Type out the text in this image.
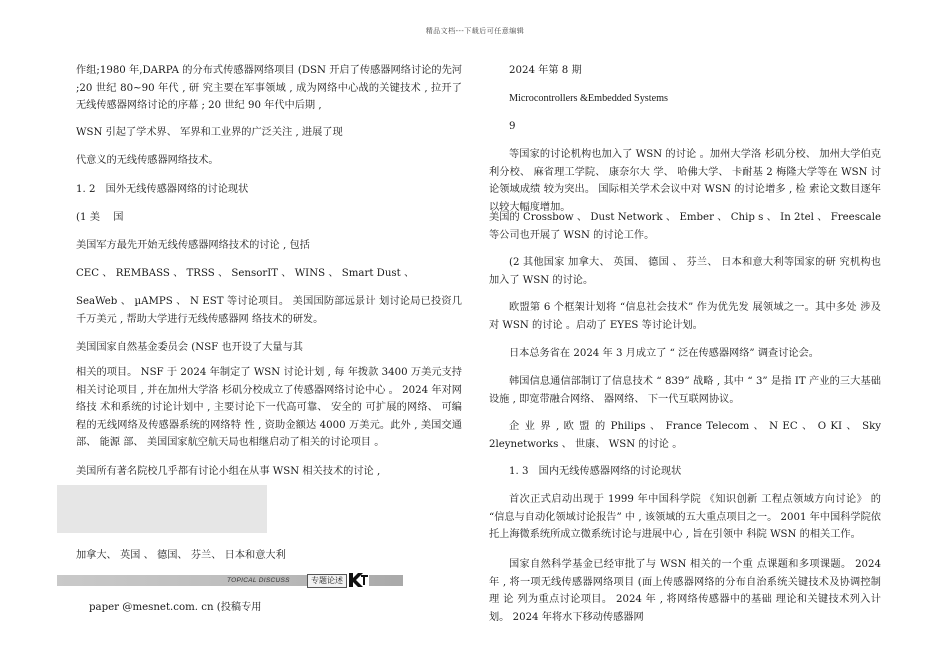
精品文档---下载后可任意编辑

作组;1980 年,DARPA 的分布式传感器网络项目 (DSN 开启了传感器网络讨论的先河 ;20 世纪 80~90 年代 , 研 究主要在军事领域 , 成为网络中心战的关键技术 , 拉开了 无线传感器网络讨论的序幕 ; 20 世纪 90 年代中后期 ,

WSN 引起了学术界、 军界和工业界的广泛关注 , 进展了现

代意义的无线传感器网络技术。

1. 2　国外无线传感器网络的讨论现状

(1 美　 国

美国军方最先开始无线传感器网络技术的讨论 , 包括

CEC 、 REMBASS 、 TRSS 、 SensorIT 、 WINS 、 Smart Dust 、

SeaWeb 、 µAMPS 、 N EST 等讨论项目。 美国国防部远景计 划讨论局已投资几千万美元 , 帮助大学进行无线传感器网 络技术的研发。

美国国家自然基金委员会 (NSF 也开设了大量与其

相关的项目。 NSF 于 2024 年制定了 WSN 讨论计划 , 每 年拨款 3400 万美元支持相关讨论项目 , 并在加州大学洛 杉矶分校成立了传感器网络讨论中心 。 2024 年对网络技 术和系统的讨论计划中 , 主要讨论下一代高可靠、 安全的 可扩展的网络、 可编程的无线网络及传感器系统的网络特 性 , 资助金额达 4000 万美元。此外 , 美国交通部、 能源 部、 美国国家航空航天局也相继启动了相关的讨论项目 。

美国所有著名院校几乎都有讨论小组在从事 WSN 相关技术的讨论 ,

加拿大、 英国 、 德国、 芬兰、 日本和意大利

TOPICAL DISCUSS	专题论述
paper @mesnet.com. cn (投稿专用

2024 年第 8 期

Microcontrollers &Embedded Systems

9

等国家的讨论机构也加入了 WSN 的讨论 。加州大学洛 杉矶分校、 加州大学伯克利分校、 麻省理工学院、 康奈尔大 学、 哈佛大学、 卡耐基 2 梅隆大学等在 WSN 讨论领域成绩 较为突出。 国际相关学术会议中对 WSN 的讨论增多 , 检 索论文数目逐年以较大幅度增加。

美国的 Crossbow 、 Dust Network 、 Ember 、 Chip s 、 In 2tel 、 Freescale 等公司也开展了 WSN 的讨论工作。

(2 其他国家 加拿大、 英国、 德国 、 芬兰、 日本和意大利等国家的研 究机构也加入了 WSN 的讨论。

欧盟第 6 个框架计划将 “信息社会技术” 作为优先发 展领域之一。其中多处 涉及对 WSN 的讨论 。启动了 EYES 等讨论计划。

日本总务省在 2024 年 3 月成立了 “ 泛在传感器网络” 调查讨论会。

韩国信息通信部制订了信息技术 “ 839” 战略 , 其中 “ 3” 是指 IT 产业的三大基础设施 , 即宽带融合网络、 器网络、 下一代互联网协议。

企 业 界 , 欧 盟 的 Philips 、 France Telecom 、 N EC 、 O KI 、 Sky 2leynetworks 、 世康、 WSN 的讨论 。

1. 3　国内无线传感器网络的讨论现状

首次正式启动出现于 1999 年中国科学院 《知识创新 工程点领域方向讨论》 的 “信息与自动化领域讨论报告” 中 , 该领域的五大重点项目之一。 2001 年中国科学院依 托上海微系统所成立微系统讨论与进展中心 , 旨在引领中 科院 WSN 的相关工作。

国家自然科学基金已经审批了与 WSN 相关的一个重 点课题和多项课题。 2024 年 , 将一项无线传感器网络项目 (面上传感器网络的分布自治系统关键技术及协调控制理 论 列为重点讨论项目。 2024 年 , 将网络传感器中的基础 理论和关键技术列入计划。 2024 年将水下移动传感器网
